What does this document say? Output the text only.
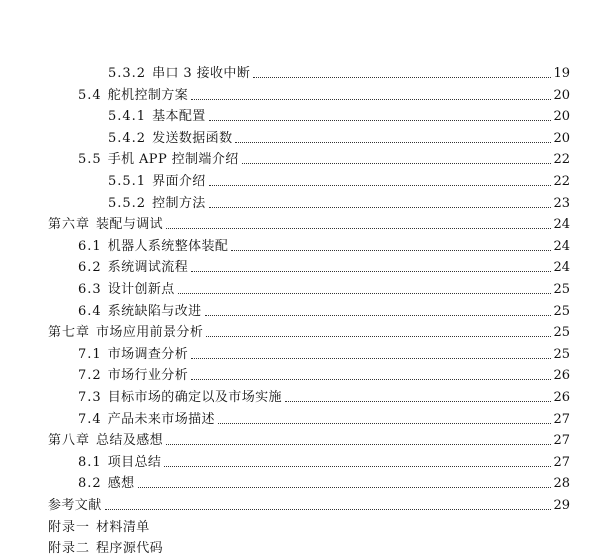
5.3.2 串口 3 接收中断	19
5.4 舵机控制方案	20
5.4.1 基本配置	20
5.4.2 发送数据函数	20
5.5 手机 APP 控制端介绍	22
5.5.1 界面介绍	22
5.5.2 控制方法	23
第六章 装配与调试	24
6.1 机器人系统整体装配	24
6.2 系统调试流程	24
6.3 设计创新点	25
6.4 系统缺陷与改进	25
第七章 市场应用前景分析	25
7.1 市场调查分析	25
7.2 市场行业分析	26
7.3 目标市场的确定以及市场实施	26
7.4 产品未来市场描述	27
第八章 总结及感想	27
8.1 项目总结	27
8.2 感想	28
参考文献	29
附录一 材料清单
附录二 程序源代码
